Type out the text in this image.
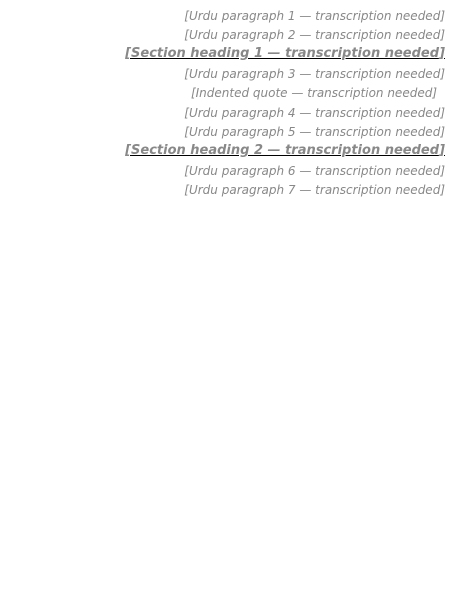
[Urdu paragraph 1 — transcription needed]

[Urdu paragraph 2 — transcription needed]

[Section heading 1 — transcription needed]

[Urdu paragraph 3 — transcription needed]

[Indented quote — transcription needed]

[Urdu paragraph 4 — transcription needed]

[Urdu paragraph 5 — transcription needed]

[Section heading 2 — transcription needed]

[Urdu paragraph 6 — transcription needed]

[Urdu paragraph 7 — transcription needed]
